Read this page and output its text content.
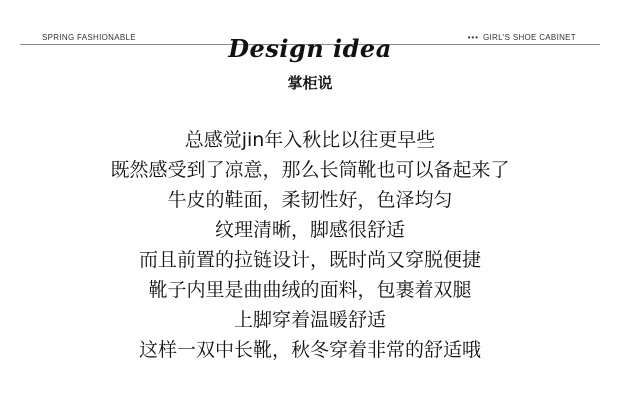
SPRING FASHIONABLE	••• GIRL'S SHOE CABINET
Design idea
掌柜说
总感觉jin年入秋比以往更早些
既然感受到了凉意，那么长筒靴也可以备起来了
牛皮的鞋面，柔韧性好，色泽均匀
纹理清晰，脚感很舒适
而且前置的拉链设计，既时尚又穿脱便捷
靴子内里是曲曲绒的面料，包裹着双腿
上脚穿着温暖舒适
这样一双中长靴，秋冬穿着非常的舒适哦
